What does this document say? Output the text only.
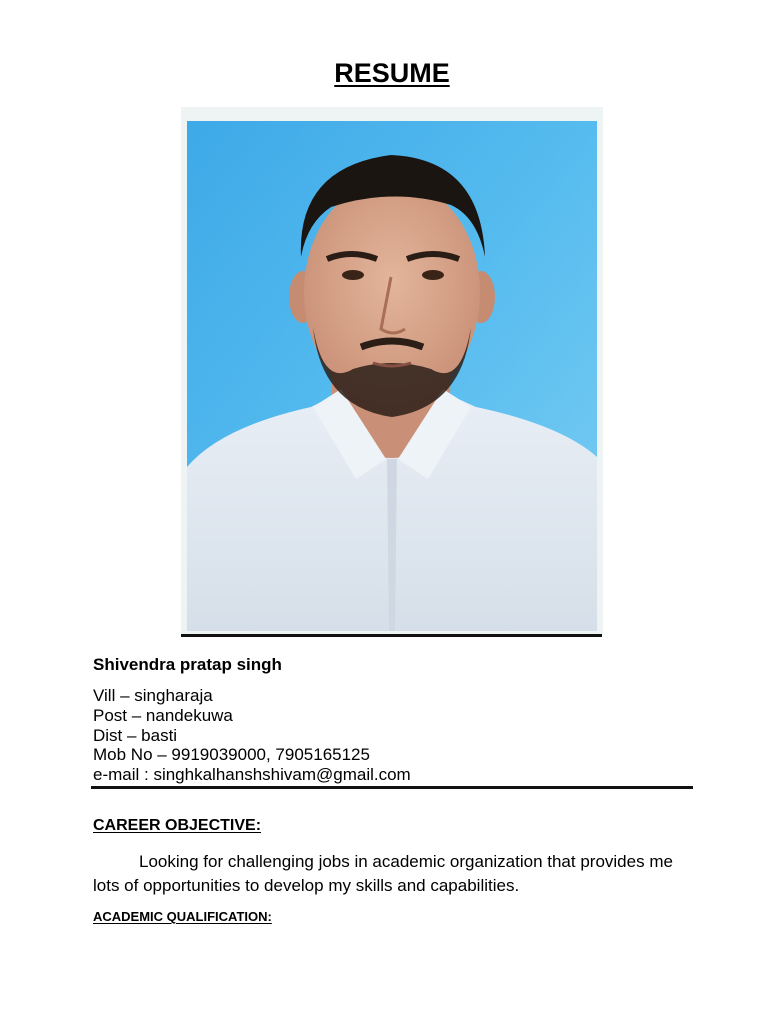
RESUME
Shivendra pratap singh
Vill – singharaja
Post – nandekuwa
Dist – basti
Mob No – 9919039000, 7905165125
e-mail : singhkalhanshshivam@gmail.com
CAREER OBJECTIVE:
Looking for challenging jobs in academic organization that provides me lots of opportunities to develop my skills and capabilities.
ACADEMIC QUALIFICATION:
